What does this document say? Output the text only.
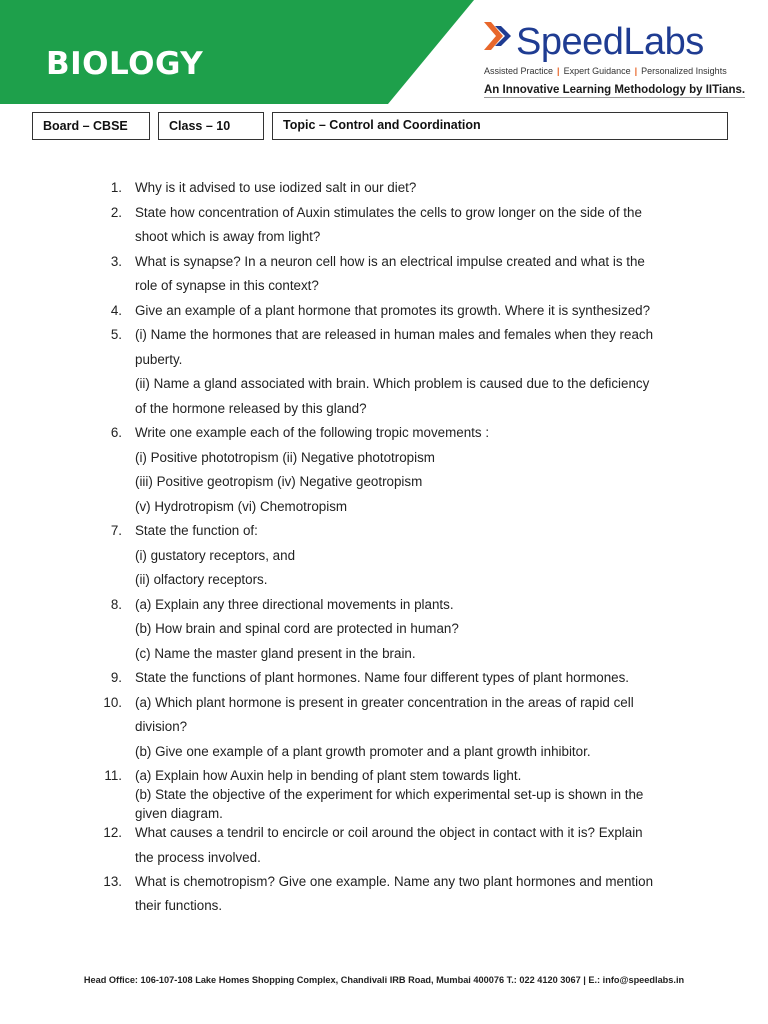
BIOLOGY

SpeedLabs

Assisted Practice | Expert Guidance | Personalized Insights
An Innovative Learning Methodology by IITians.
Board – CBSE	Class – 10	Topic – Control and Coordination
1. Why is it advised to use iodized salt in our diet?
2. State how concentration of Auxin stimulates the cells to grow longer on the side of the
shoot which is away from light?
3. What is synapse? In a neuron cell how is an electrical impulse created and what is the
role of synapse in this context?
4. Give an example of a plant hormone that promotes its growth. Where it is synthesized?
5. (i) Name the hormones that are released in human males and females when they reach
puberty.
(ii) Name a gland associated with brain. Which problem is caused due to the deficiency
of the hormone released by this gland?
6. Write one example each of the following tropic movements :
(i) Positive phototropism (ii) Negative phototropism
(iii) Positive geotropism (iv) Negative geotropism
(v) Hydrotropism (vi) Chemotropism
7. State the function of:
(i) gustatory receptors, and
(ii) olfactory receptors.
8. (a) Explain any three directional movements in plants.
(b) How brain and spinal cord are protected in human?
(c) Name the master gland present in the brain.
9. State the functions of plant hormones. Name four different types of plant hormones.
10. (a) Which plant hormone is present in greater concentration in the areas of rapid cell
division?
(b) Give one example of a plant growth promoter and a plant growth inhibitor.
11. (a) Explain how Auxin help in bending of plant stem towards light.
(b) State the objective of the experiment for which experimental set-up is shown in the
given diagram.
12. What causes a tendril to encircle or coil around the object in contact with it is? Explain
the process involved.
13. What is chemotropism? Give one example. Name any two plant hormones and mention
their functions.
Head Office: 106-107-108 Lake Homes Shopping Complex, Chandivali IRB Road, Mumbai 400076 T.: 022 4120 3067 | E.: info@speedlabs.in
